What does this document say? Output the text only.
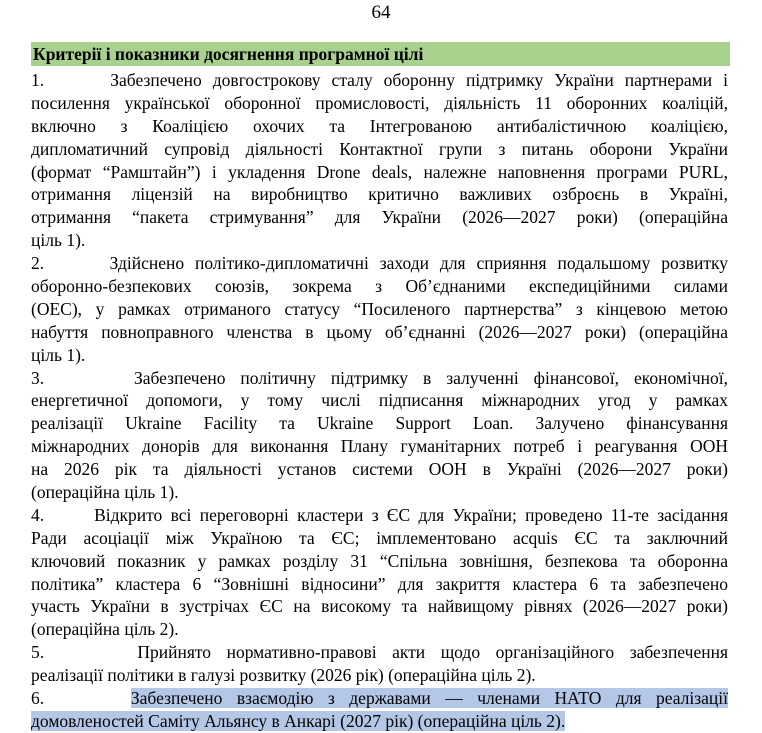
64
Критерії і показники досягнення програмної цілі
1.      Забезпечено довгострокову сталу оборонну підтримку України партнерами і
посилення української оборонної промисловості, діяльність 11 оборонних коаліцій,
включно з Коаліцією охочих та Інтегрованою антибалістичною коаліцією,
дипломатичний супровід діяльності Контактної групи з питань оборони України
(формат “Рамштайн”) і укладення Drone deals, належне наповнення програми PURL,
отримання ліцензій на виробництво критично важливих озброєнь в Україні,
отримання “пакета стримування” для України (2026—2027 роки) (операційна
ціль 1).
2.      Здійснено політико-дипломатичні заходи для сприяння подальшому розвитку
оборонно-безпекових союзів, зокрема з Об’єднаними експедиційними силами
(ОЕС), у рамках отриманого статусу “Посиленого партнерства” з кінцевою метою
набуття повноправного членства в цьому об’єднанні (2026—2027 роки) (операційна
ціль 1).
3.      Забезпечено політичну підтримку в залученні фінансової, економічної,
енергетичної допомоги, у тому числі підписання міжнародних угод у рамках
реалізації Ukraine Facility та Ukraine Support Loan. Залучено фінансування
міжнародних донорів для виконання Плану гуманітарних потреб і реагування ООН
на 2026 рік та діяльності установ системи ООН в Україні (2026—2027 роки)
(операційна ціль 1).
4.      Відкрито всі переговорні кластери з ЄС для України; проведено 11-те засідання
Ради асоціації між Україною та ЄС; імплементовано acquis ЄС та заключний
ключовий показник у рамках розділу 31 “Спільна зовнішня, безпекова та оборонна
політика” кластера 6 “Зовнішні відносини” для закриття кластера 6 та забезпечено
участь України в зустрічах ЄС на високому та найвищому рівнях (2026—2027 роки)
(операційна ціль 2).
5.      Прийнято нормативно-правові акти щодо організаційного забезпечення
реалізації політики в галузі розвитку (2026 рік) (операційна ціль 2).
6.      Забезпечено взаємодію з державами — членами НАТО для реалізації
домовленостей Саміту Альянсу в Анкарі (2027 рік) (операційна ціль 2).
